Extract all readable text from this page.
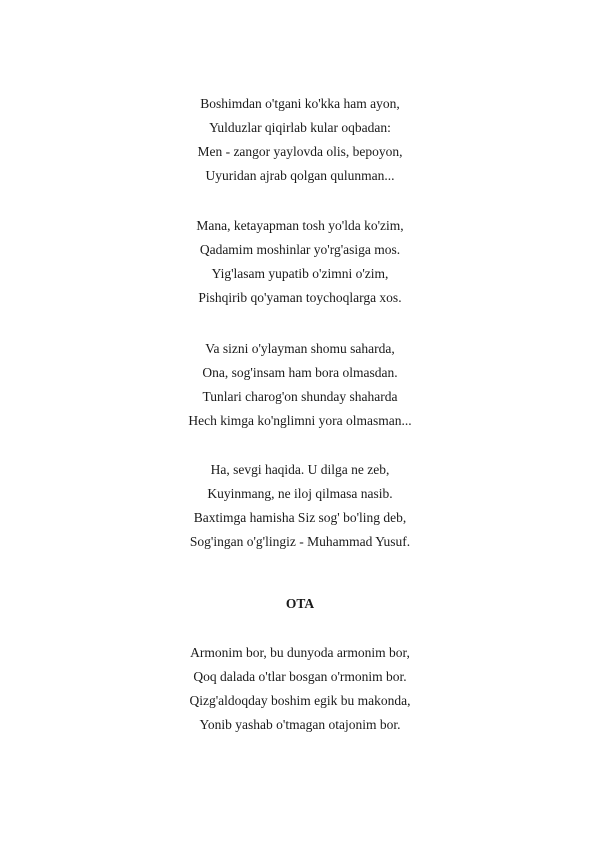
Boshimdan o'tgani ko'kka ham ayon,
Yulduzlar qiqirlab kular oqbadan:
Men - zangor yaylovda olis, bepoyon,
Uyuridan ajrab qolgan qulunman...
Mana, ketayapman tosh yo'lda ko'zim,
Qadamim moshinlar yo'rg'asiga mos.
Yig'lasam yupatib o'zimni o'zim,
Pishqirib qo'yaman toychoqlarga xos.
Va sizni o'ylayman shomu saharda,
Ona, sog'insam ham bora olmasdan.
Tunlari charog'on shunday shaharda
Hech kimga ko'nglimni yora olmasman...
Ha, sevgi haqida. U dilga ne zeb,
Kuyinmang, ne iloj qilmasa nasib.
Baxtimga hamisha Siz sog' bo'ling deb,
Sog'ingan o'g'lingiz - Muhammad Yusuf.
OTA
Armonim bor, bu dunyoda armonim bor,
Qoq dalada o'tlar bosgan o'rmonim bor.
Qizg'aldoqday boshim egik bu makonda,
Yonib yashab o'tmagan otajonim bor.
